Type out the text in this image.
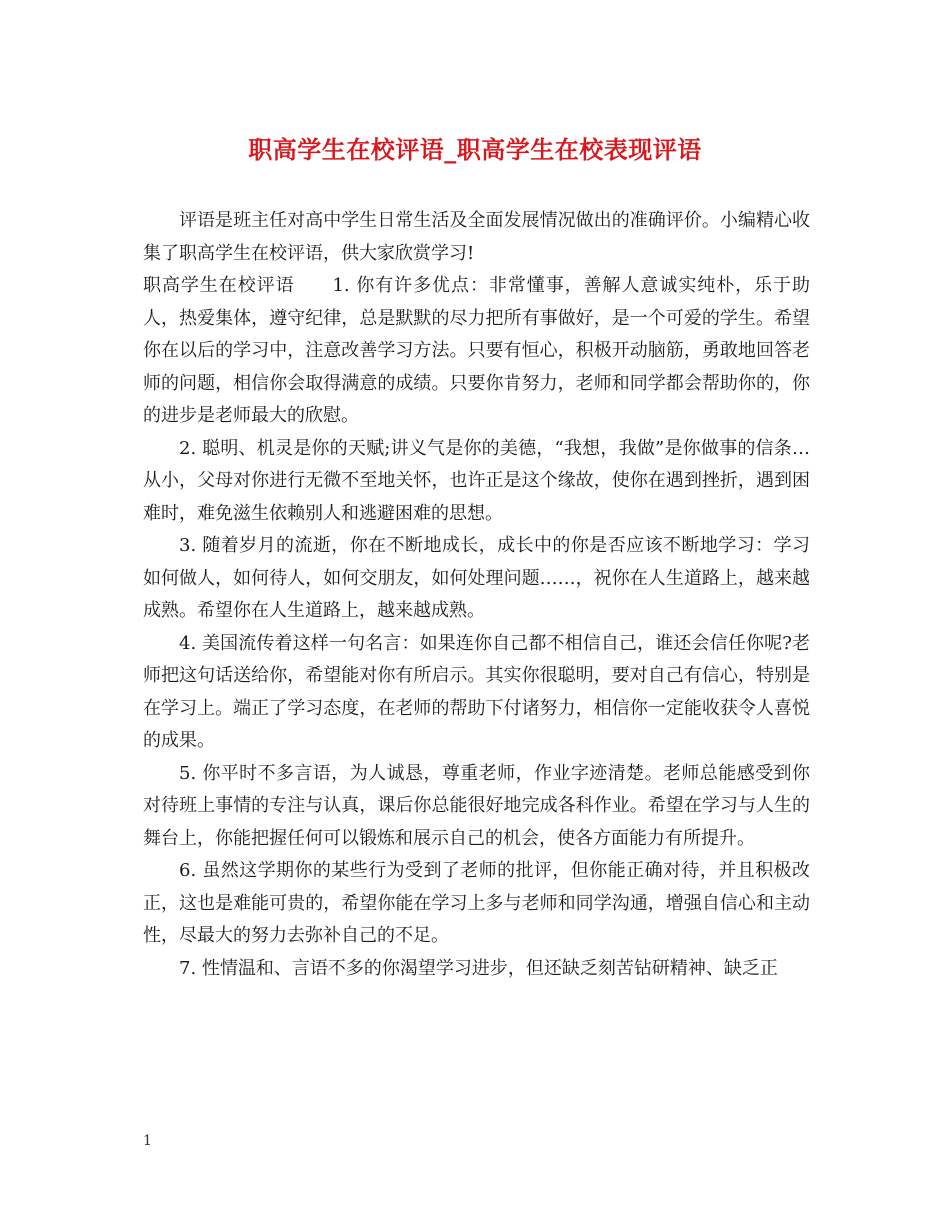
职高学生在校评语_职高学生在校表现评语

评语是班主任对高中学生日常生活及全面发展情况做出的准确评价。小编精心收集了职高学生在校评语，供大家欣赏学习!

职高学生在校评语　　1. 你有许多优点：非常懂事，善解人意诚实纯朴，乐于助人，热爱集体，遵守纪律，总是默默的尽力把所有事做好，是一个可爱的学生。希望你在以后的学习中，注意改善学习方法。只要有恒心，积极开动脑筋，勇敢地回答老师的问题，相信你会取得满意的成绩。只要你肯努力，老师和同学都会帮助你的，你的进步是老师最大的欣慰。

2. 聪明、机灵是你的天赋;讲义气是你的美德，“我想，我做”是你做事的信条…从小，父母对你进行无微不至地关怀，也许正是这个缘故，使你在遇到挫折，遇到困难时，难免滋生依赖别人和逃避困难的思想。

3. 随着岁月的流逝，你在不断地成长，成长中的你是否应该不断地学习：学习如何做人，如何待人，如何交朋友，如何处理问题……，祝你在人生道路上，越来越成熟。希望你在人生道路上，越来越成熟。

4. 美国流传着这样一句名言：如果连你自己都不相信自己，谁还会信任你呢?老师把这句话送给你，希望能对你有所启示。其实你很聪明，要对自己有信心，特别是在学习上。端正了学习态度，在老师的帮助下付诸努力，相信你一定能收获令人喜悦的成果。

5. 你平时不多言语，为人诚恳，尊重老师，作业字迹清楚。老师总能感受到你对待班上事情的专注与认真，课后你总能很好地完成各科作业。希望在学习与人生的舞台上，你能把握任何可以锻炼和展示自己的机会，使各方面能力有所提升。

6. 虽然这学期你的某些行为受到了老师的批评，但你能正确对待，并且积极改正，这也是难能可贵的，希望你能在学习上多与老师和同学沟通，增强自信心和主动性，尽最大的努力去弥补自己的不足。

7. 性情温和、言语不多的你渴望学习进步，但还缺乏刻苦钻研精神、缺乏正

1
